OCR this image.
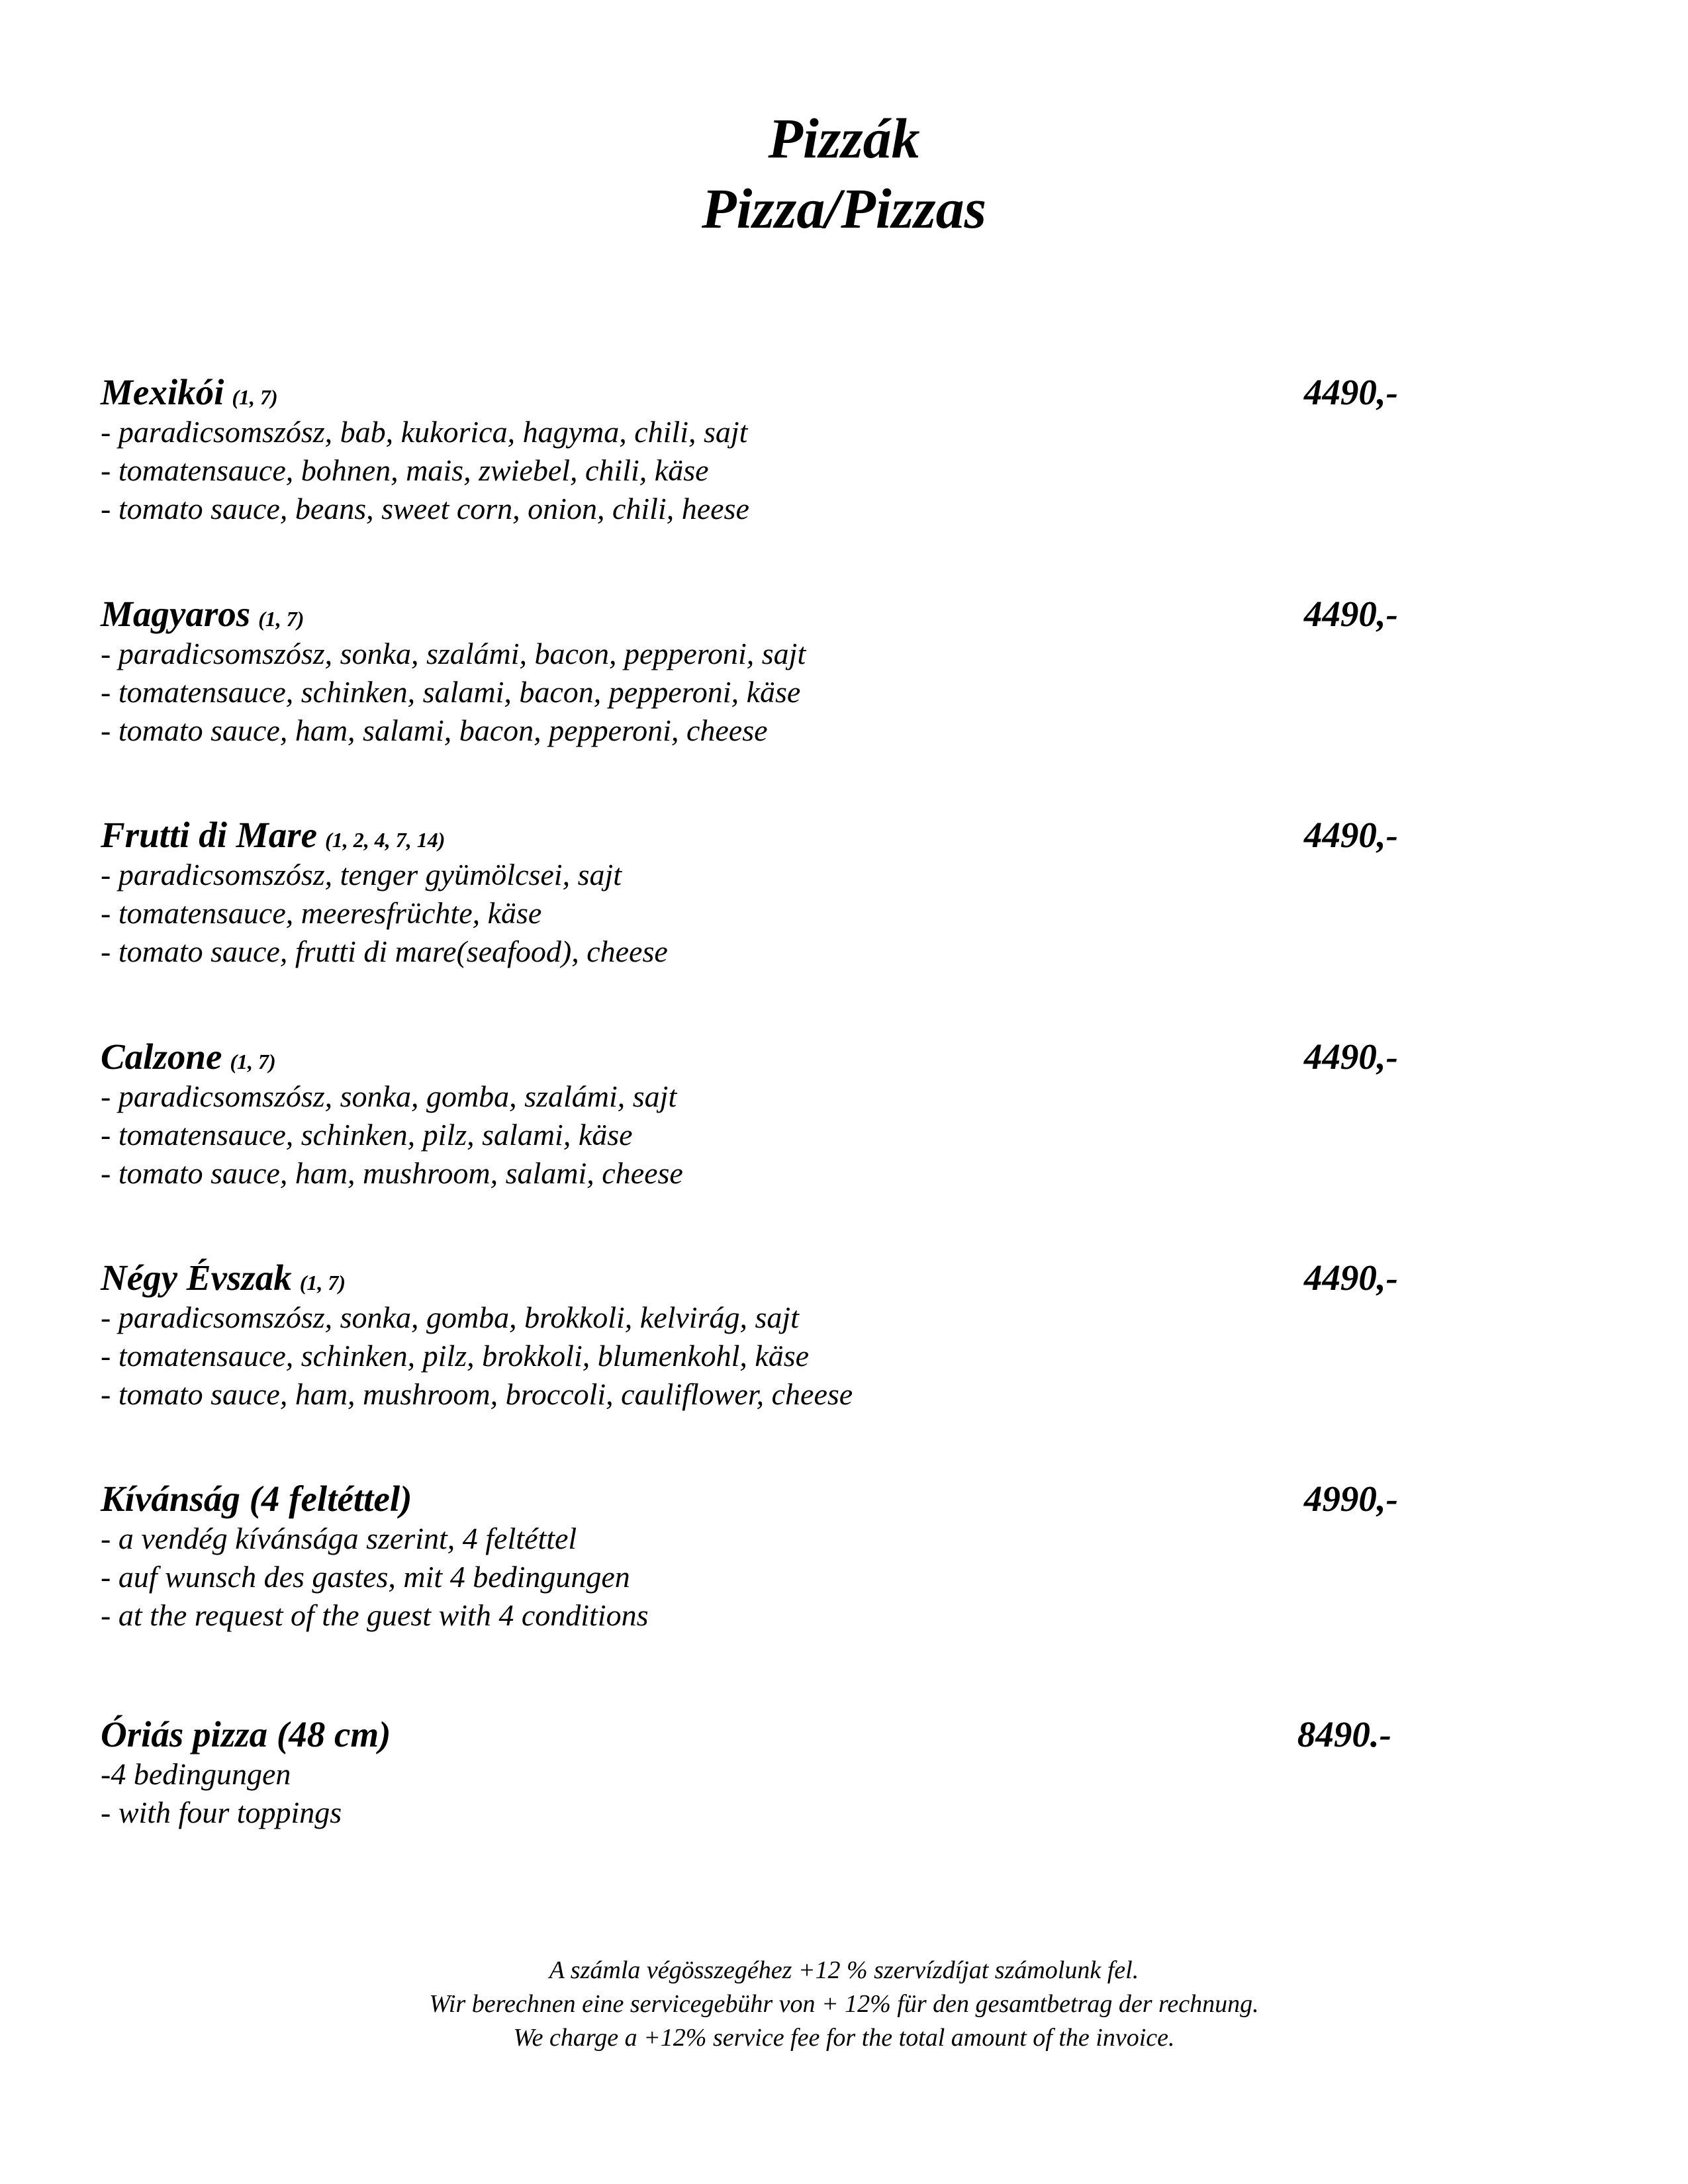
Pizzák
Pizza/Pizzas
Mexikói (1, 7)	4490,-
- paradicsomszósz, bab, kukorica, hagyma, chili, sajt
- tomatensauce, bohnen, mais, zwiebel, chili, käse
- tomato sauce, beans, sweet corn, onion, chili, heese
Magyaros (1, 7)	4490,-
- paradicsomszósz, sonka, szalámi, bacon, pepperoni, sajt
- tomatensauce, schinken, salami, bacon, pepperoni, käse
- tomato sauce, ham, salami, bacon, pepperoni, cheese
Frutti di Mare (1, 2, 4, 7, 14)	4490,-
- paradicsomszósz, tenger gyümölcsei, sajt
- tomatensauce, meeresfrüchte, käse
- tomato sauce, frutti di mare(seafood), cheese
Calzone (1, 7)	4490,-
- paradicsomszósz, sonka, gomba, szalámi, sajt
- tomatensauce, schinken, pilz, salami, käse
- tomato sauce, ham, mushroom, salami, cheese
Négy Évszak (1, 7)	4490,-
- paradicsomszósz, sonka, gomba, brokkoli, kelvirág, sajt
- tomatensauce, schinken, pilz, brokkoli, blumenkohl, käse
- tomato sauce, ham, mushroom, broccoli, cauliflower, cheese
Kívánság (4 feltéttel)	4990,-
- a vendég kívánsága szerint, 4 feltéttel
- auf wunsch des gastes, mit 4 bedingungen
- at the request of the guest with 4 conditions
Óriás pizza (48 cm)	8490.-
-4 bedingungen
- with four toppings
A számla végösszegéhez +12 % szervízdíjat számolunk fel.
Wir berechnen eine servicegebühr von + 12% für den gesamtbetrag der rechnung.
We charge a +12% service fee for the total amount of the invoice.
